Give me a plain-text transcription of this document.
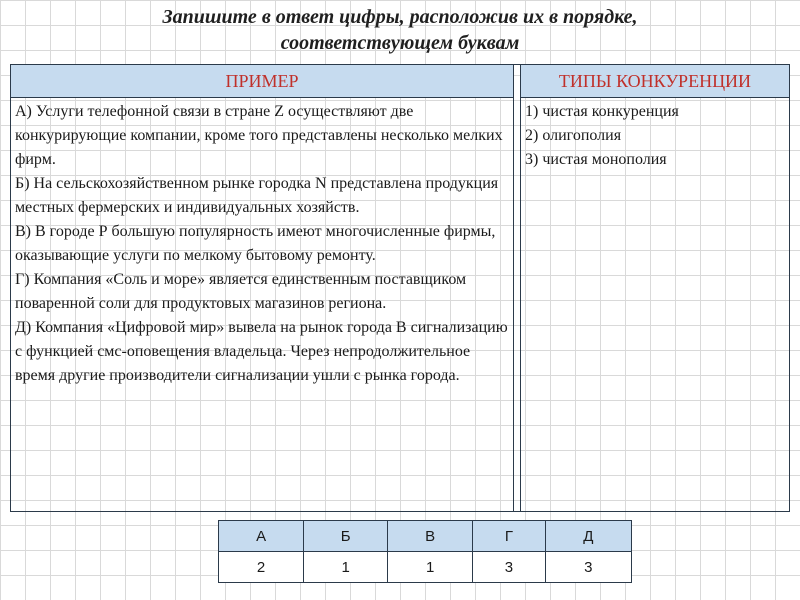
Запишите в ответ цифры, расположив их в порядке,
соответствующем буквам
ПРИМЕР	ТИПЫ КОНКУРЕНЦИИ

А) Услуги телефонной связи в стране Z осуществляют две конкурирующие компании, кроме того представлены несколько мелких фирм.

Б) На сельскохозяйственном рынке городка N представлена продукция местных фермерских и индивидуальных хозяйств.

В) В городе Р большую популярность имеют многочисленные фирмы, оказывающие услуги по мелкому бытовому ремонту.

Г) Компания «Соль и море» является единственным поставщиком поваренной соли для продуктовых магазинов региона.

Д) Компания «Цифровой мир» вывела на рынок города В сигнализацию с функцией смс-оповещения владельца. Через непродолжительное время другие производители сигнализации ушли с рынка города.

1) чистая конкуренция

2) олигополия

3) чистая монополия

А	Б	В	Г	Д
2	1	1	3	3
